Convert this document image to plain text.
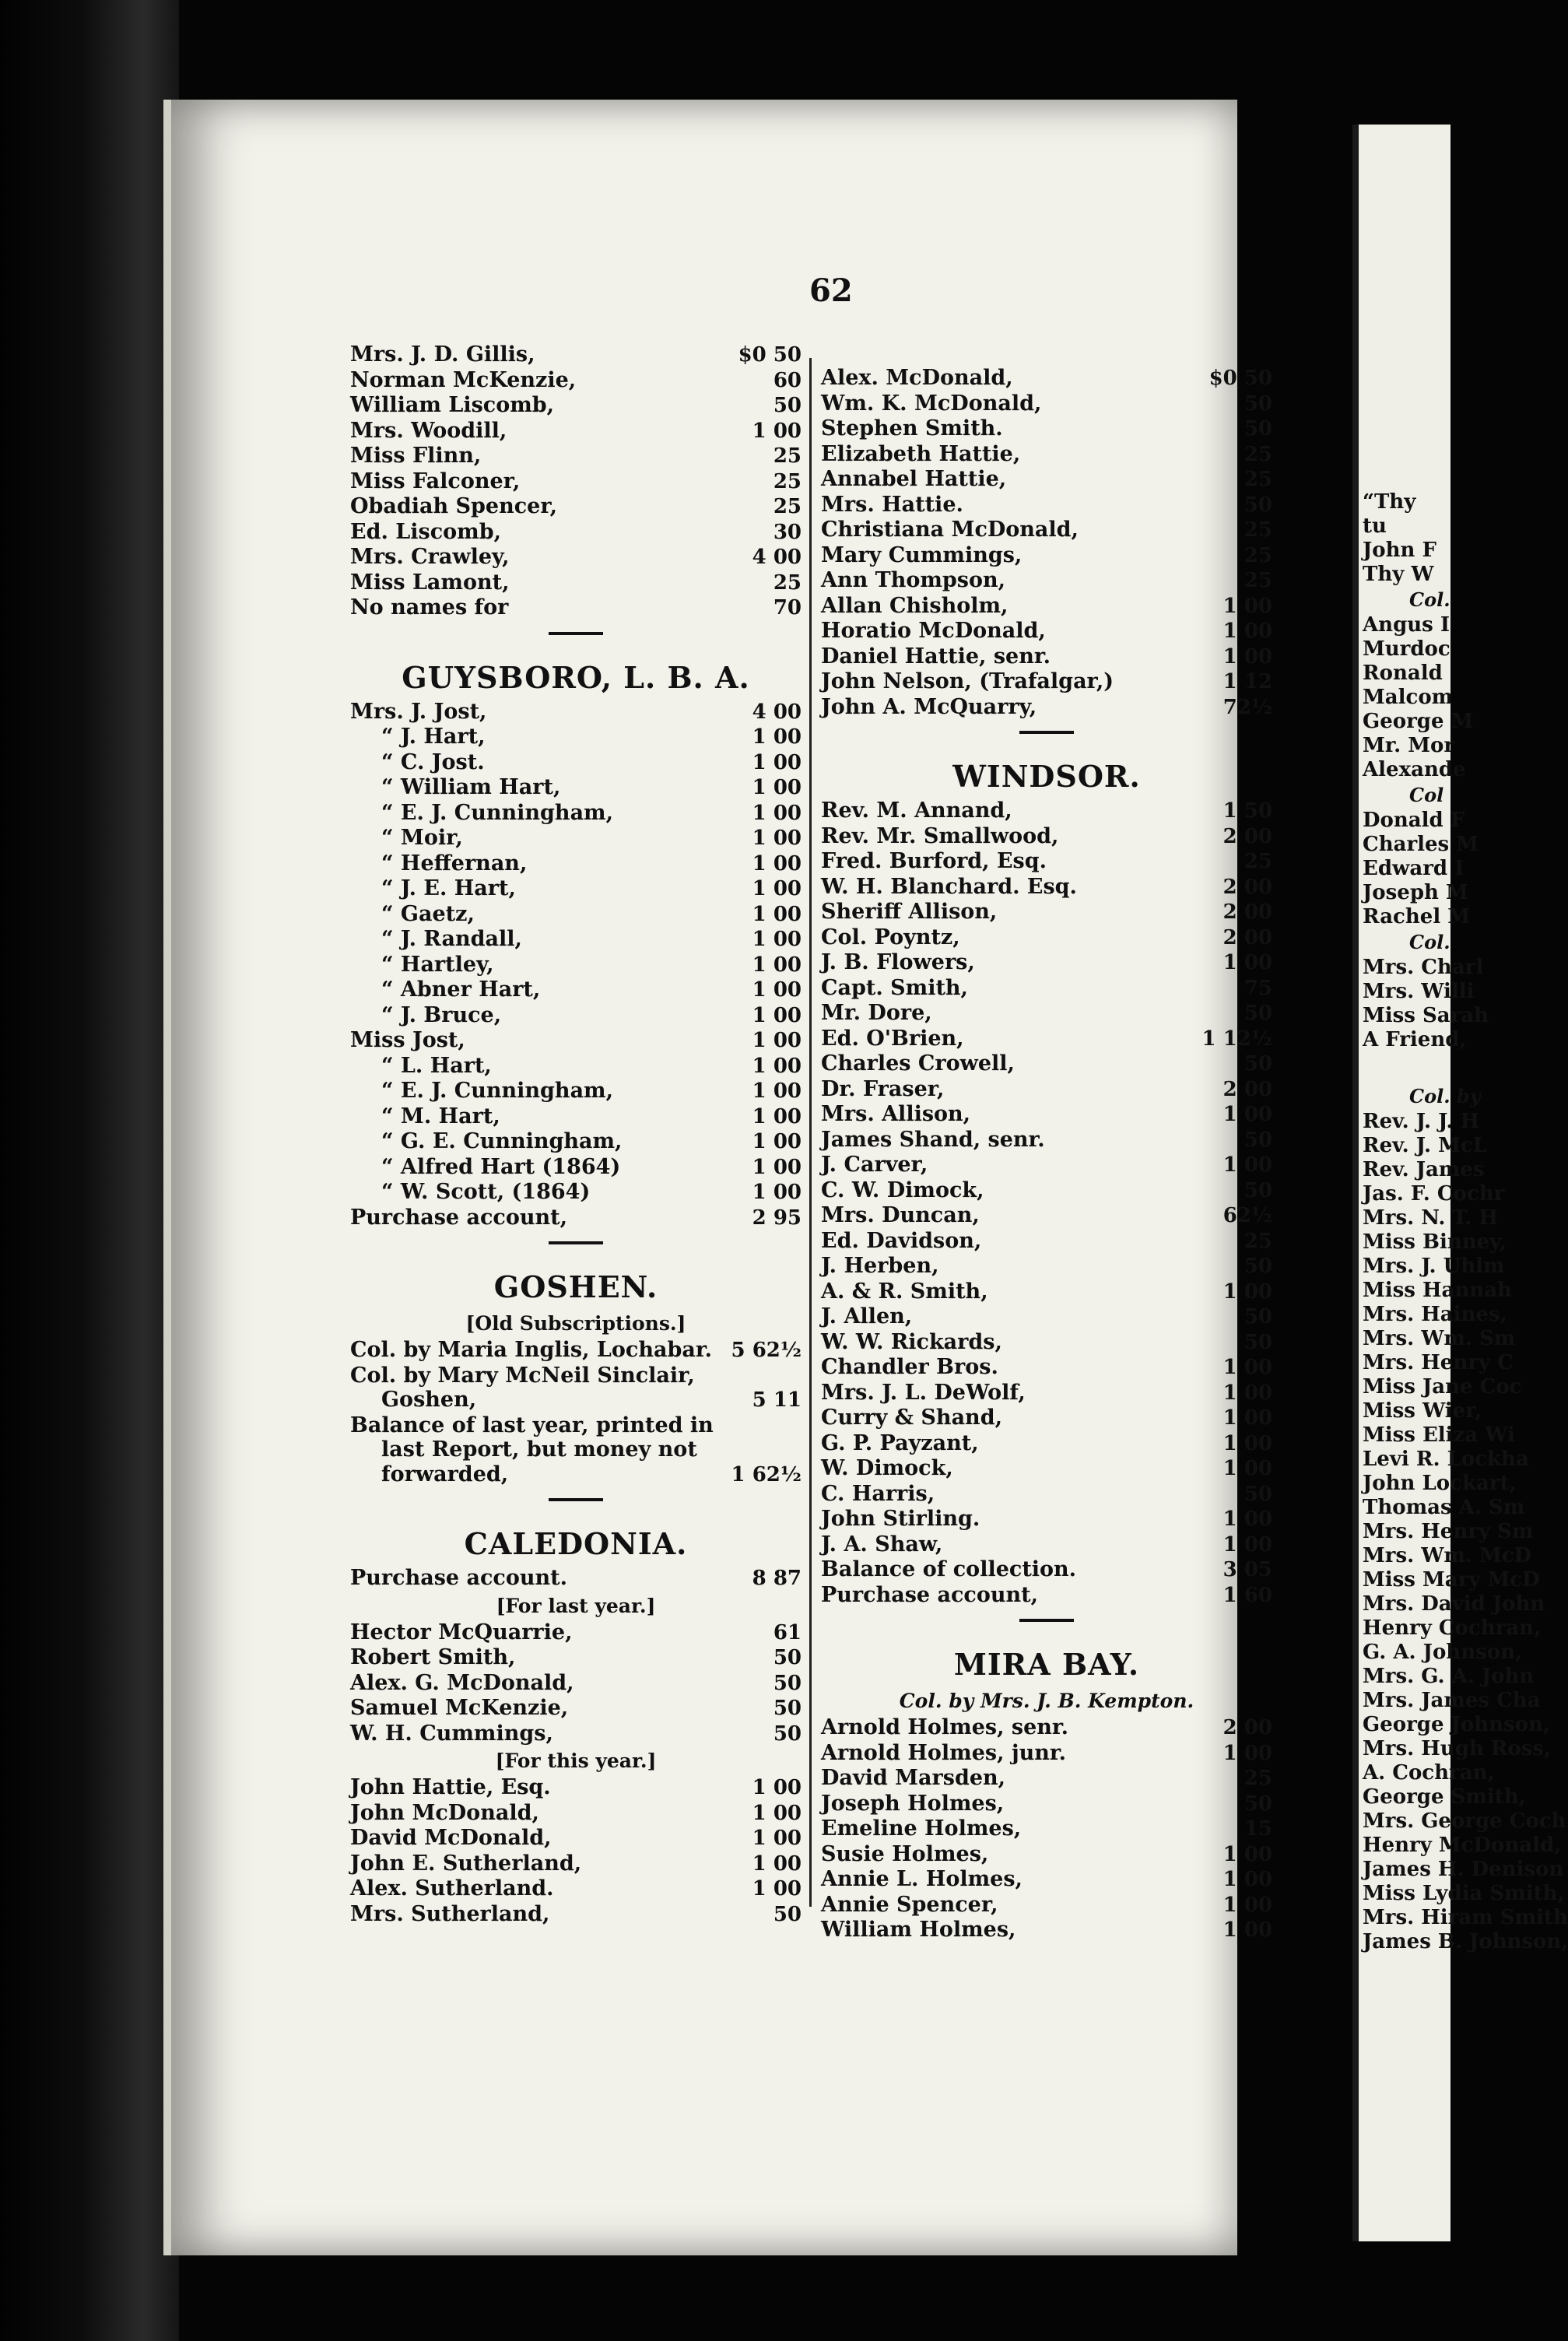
“Thy
tu
John F
Thy W
Col.
Angus I
Murdoc
Ronald
Malcom
George M
Mr. Mor
Alexande
Col
Donald F
Charles M
Edward I
Joseph M
Rachel M
Col.
Mrs. Charl
Mrs. Willi
Miss Sarah
A Friend,
Col. by
Rev. J. J. H
Rev. J. McL
Rev. James
Jas. F. Cochr
Mrs. N. T. H
Miss Binney,
Mrs. J. Uhlm
Miss Hannah
Mrs. Haines,
Mrs. Wm. Sm
Mrs. Henry C
Miss Jane Coc
Miss Wier,
Miss Eliza Wi
Levi R. Lockha
John Lockart,
Thomas A. Sm
Mrs. Henry Sm
Mrs. Wm. McD
Miss Mary McD
Mrs. David John
Henry Cochran,
G. A. Johnson,
Mrs. G. A. John
Mrs. James Cha
George Johnson,
Mrs. Hugh Ross,
A. Cochran,
George Smith,
Mrs. George Coch
Henry McDonald,
James H. Denison
Miss Lydia Smith,
Mrs. Hiram Smith
James B. Johnson,
62
Mrs. J. D. Gillis,	$0 50
Norman McKenzie,	60
William Liscomb,	50
Mrs. Woodill,	1 00
Miss Flinn,	25
Miss Falconer,	25
Obadiah Spencer,	25
Ed. Liscomb,	30
Mrs. Crawley,	4 00
Miss Lamont,	25
No names for	70
GUYSBORO, L. B. A.
Mrs. J. Jost,	4 00
“ J. Hart,	1 00
“ C. Jost.	1 00
“ William Hart,	1 00
“ E. J. Cunningham,	1 00
“ Moir,	1 00
“ Heffernan,	1 00
“ J. E. Hart,	1 00
“ Gaetz,	1 00
“ J. Randall,	1 00
“ Hartley,	1 00
“ Abner Hart,	1 00
“ J. Bruce,	1 00
Miss Jost,	1 00
“ L. Hart,	1 00
“ E. J. Cunningham,	1 00
“ M. Hart,	1 00
“ G. E. Cunningham,	1 00
“ Alfred Hart (1864)	1 00
“ W. Scott, (1864)	1 00
Purchase account,	2 95
GOSHEN.
[Old Subscriptions.]
Col. by Maria Inglis, Lochabar. 5 62½
Col. by Mary McNeil Sinclair,
Goshen,	5 11
Balance of last year, printed in
last Report, but money not
forwarded,	1 62½
CALEDONIA.
Purchase account.	8 87
[For last year.]
Hector McQuarrie,	61
Robert Smith,	50
Alex. G. McDonald,	50
Samuel McKenzie,	50
W. H. Cummings,	50
[For this year.]
John Hattie, Esq.	1 00
John McDonald,	1 00
David McDonald,	1 00
John E. Sutherland,	1 00
Alex. Sutherland.	1 00
Mrs. Sutherland,	50
Alex. McDonald,	$0 50
Wm. K. McDonald,	50
Stephen Smith.	50
Elizabeth Hattie,	25
Annabel Hattie,	25
Mrs. Hattie.	50
Christiana McDonald,	25
Mary Cummings,	25
Ann Thompson,	25
Allan Chisholm,	1 00
Horatio McDonald,	1 00
Daniel Hattie, senr.	1 00
John Nelson, (Trafalgar,)	1 12
John A. McQuarry,	72½
WINDSOR.
Rev. M. Annand,	1 50
Rev. Mr. Smallwood,	2 00
Fred. Burford, Esq.	25
W. H. Blanchard. Esq.	2 00
Sheriff Allison,	2 00
Col. Poyntz,	2 00
J. B. Flowers,	1 00
Capt. Smith,	75
Mr. Dore,	50
Ed. O'Brien,	1 12½
Charles Crowell,	50
Dr. Fraser,	2 00
Mrs. Allison,	1 00
James Shand, senr.	50
J. Carver,	1 00
C. W. Dimock,	50
Mrs. Duncan,	62½
Ed. Davidson,	25
J. Herben,	50
A. & R. Smith,	1 00
J. Allen,	50
W. W. Rickards,	50
Chandler Bros.	1 00
Mrs. J. L. DeWolf,	1 00
Curry & Shand,	1 00
G. P. Payzant,	1 00
W. Dimock,	1 00
C. Harris,	50
John Stirling.	1 00
J. A. Shaw,	1 00
Balance of collection.	3 05
Purchase account,	1 60
MIRA BAY.
Col. by Mrs. J. B. Kempton.
Arnold Holmes, senr.	2 00
Arnold Holmes, junr.	1 00
David Marsden,	25
Joseph Holmes,	50
Emeline Holmes,	15
Susie Holmes,	1 00
Annie L. Holmes,	1 00
Annie Spencer,	1 00
William Holmes,	1 00
